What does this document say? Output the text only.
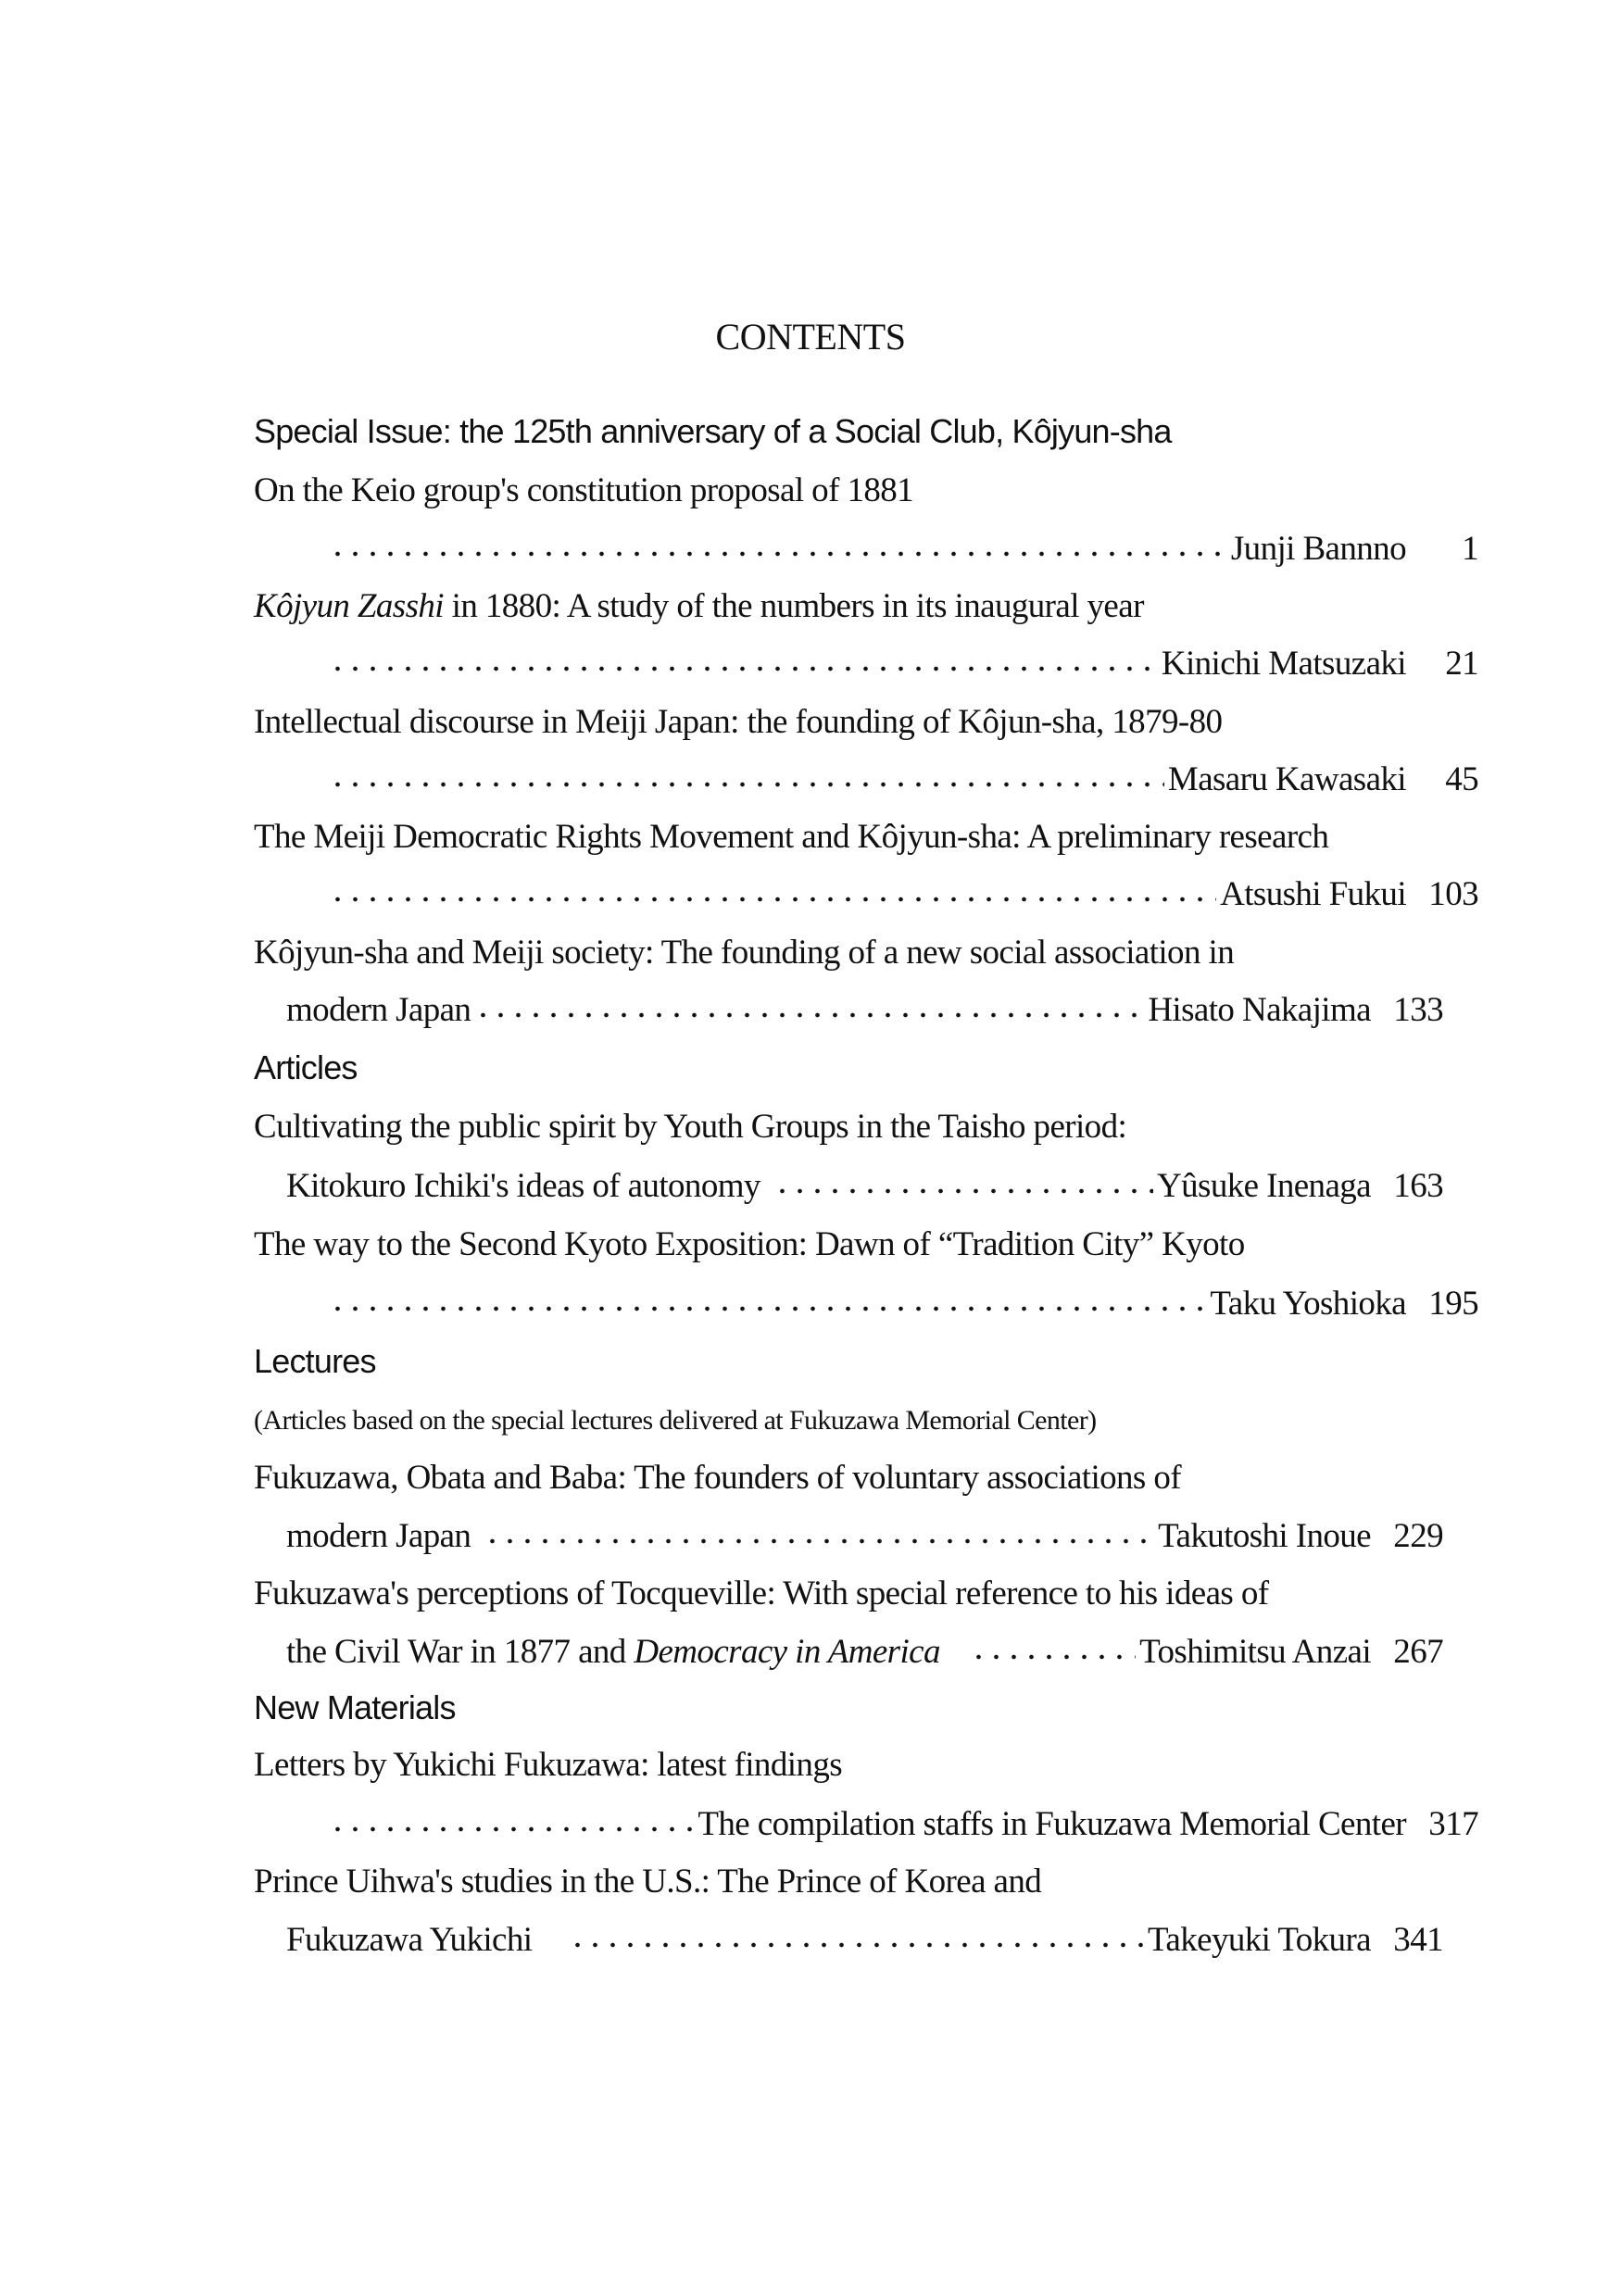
CONTENTS
Special Issue: the 125th anniversary of a Social Club, Kôjyun-sha
On the Keio group's constitution proposal of 1881
Junji Bannno	1
Kôjyun Zasshi in 1880: A study of the numbers in its inaugural year
Kinichi Matsuzaki	21
Intellectual discourse in Meiji Japan: the founding of Kôjun-sha, 1879-80
Masaru Kawasaki	45
The Meiji Democratic Rights Movement and Kôjyun-sha: A preliminary research
Atsushi Fukui 103
Kôjyun-sha and Meiji society: The founding of a new social association in
modern Japan	Hisato Nakajima 133
Articles
Cultivating the public spirit by Youth Groups in the Taisho period:
Kitokuro Ichiki's ideas of autonomy	Yûsuke Inenaga 163
The way to the Second Kyoto Exposition: Dawn of “Tradition City” Kyoto
Taku Yoshioka 195
Lectures
(Articles based on the special lectures delivered at Fukuzawa Memorial Center)
Fukuzawa, Obata and Baba: The founders of voluntary associations of
modern Japan	Takutoshi Inoue 229
Fukuzawa's perceptions of Tocqueville: With special reference to his ideas of
the Civil War in 1877 and Democracy in America	Toshimitsu Anzai 267
New Materials
Letters by Yukichi Fukuzawa: latest findings
The compilation staffs in Fukuzawa Memorial Center 317
Prince Uihwa's studies in the U.S.: The Prince of Korea and
Fukuzawa Yukichi	Takeyuki Tokura 341
